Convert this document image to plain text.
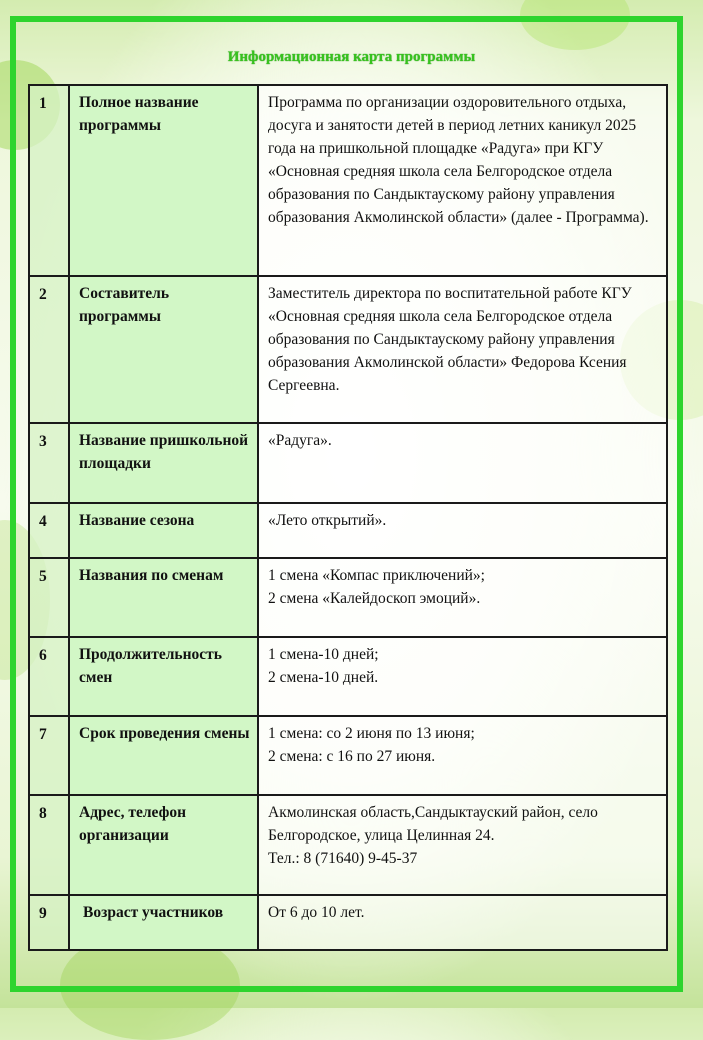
Информационная карта программы
1	Полное название программы	Программа по организации оздоровительного отдыха, досуга и занятости детей в период летних каникул 2025 года на пришкольной площадке «Радуга» при КГУ «Основная средняя школа села Белгородское отдела образования по Сандыктаускому району управления образования Акмолинской области» (далее - Программа).
2	Составитель программы	Заместитель директора по воспитательной работе КГУ «Основная средняя школа села Белгородское отдела образования по Сандыктаускому району управления образования Акмолинской области» Федорова Ксения Сергеевна.
3	Название пришкольной площадки	«Радуга».
4	Название сезона	«Лето открытий».
5	Названия по сменам	1 смена «Компас приключений»;
2 смена «Калейдоскоп эмоций».

6	Продолжительность смен	1 смена-10 дней;
2 смена-10 дней.

7	Срок проведения смены	1 смена: со 2 июня по 13 июня;
2 смена: с 16 по 27 июня.

8	Адрес, телефон организации	Акмолинская область,Сандыктауский район, село Белгородское, улица Целинная 24.
Тел.: 8 (71640) 9-45-37

9	Возраст участников	От 6 до 10 лет.
